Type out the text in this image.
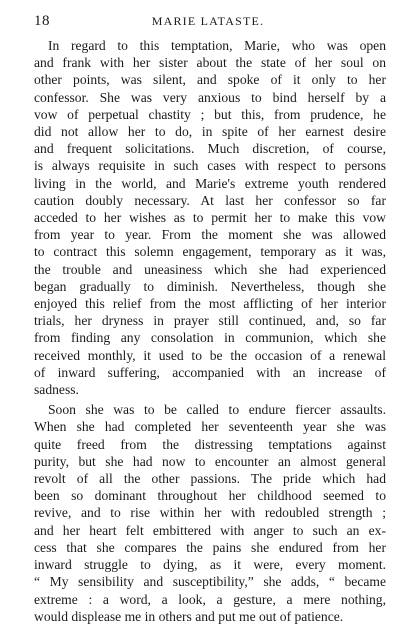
18	MARIE LATASTE.
In regard to this temptation, Marie, who was open
and frank with her sister about the state of her soul on
other points, was silent, and spoke of it only to her
confessor. She was very anxious to bind herself by a
vow of perpetual chastity ; but this, from prudence, he
did not allow her to do, in spite of her earnest desire
and frequent solicitations. Much discretion, of course,
is always requisite in such cases with respect to persons
living in the world, and Marie's extreme youth rendered
caution doubly necessary. At last her confessor so far
acceded to her wishes as to permit her to make this vow
from year to year. From the moment she was allowed
to contract this solemn engagement, temporary as it was,
the trouble and uneasiness which she had experienced
began gradually to diminish. Nevertheless, though she
enjoyed this relief from the most afflicting of her interior
trials, her dryness in prayer still continued, and, so far
from finding any consolation in communion, which she
received monthly, it used to be the occasion of a renewal
of inward suffering, accompanied with an increase of
sadness.
Soon she was to be called to endure fiercer assaults.
When she had completed her seventeenth year she was
quite freed from the distressing temptations against
purity, but she had now to encounter an almost general
revolt of all the other passions. The pride which had
been so dominant throughout her childhood seemed to
revive, and to rise within her with redoubled strength ;
and her heart felt embittered with anger to such an ex-
cess that she compares the pains she endured from her
inward struggle to dying, as it were, every moment.
“ My sensibility and susceptibility,” she adds, “ became
extreme : a word, a look, a gesture, a mere nothing,
would displease me in others and put me out of patience.
